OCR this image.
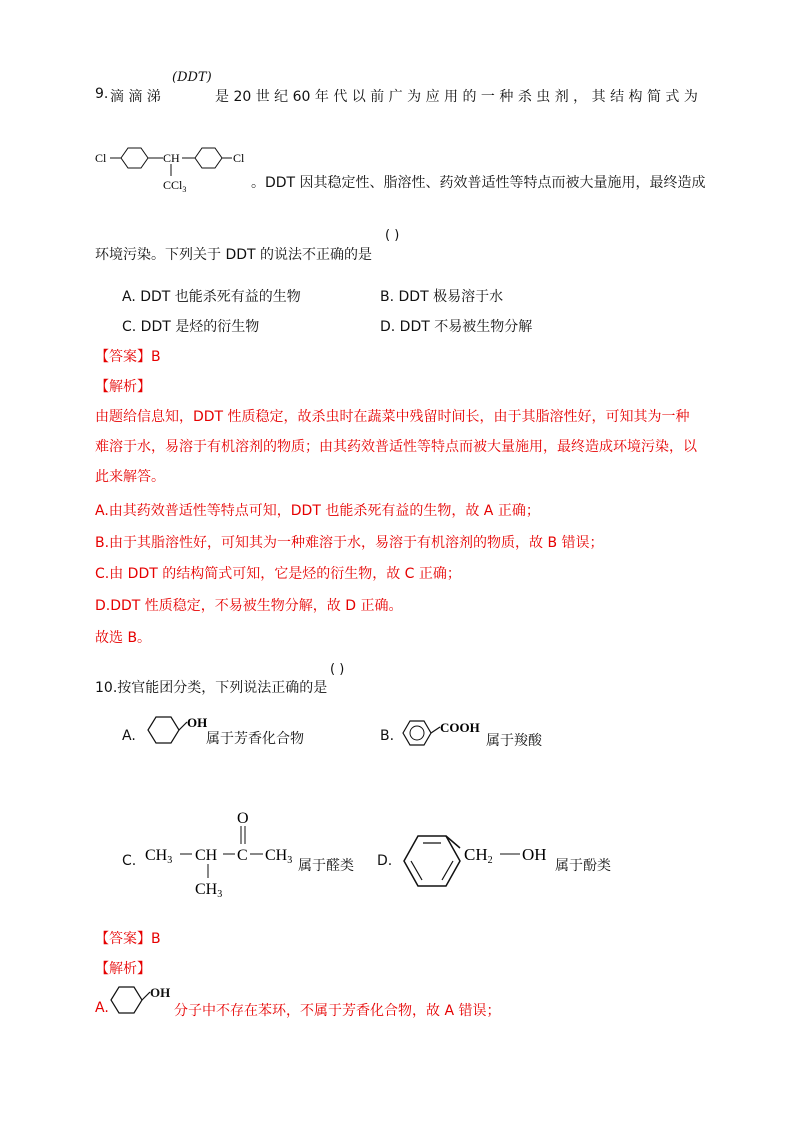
9. 滴 滴 涕
(DDT)
是 20 世 纪 60 年 代 以 前 广 为 应 用 的 一 种 杀 虫 剂 ， 其 结 构 简 式 为
Cl	CH	Cl
CCl$_3$	。DDT 因其稳定性、脂溶性、药效普适性等特点而被大量施用，最终造成
环境污染。下列关于 DDT 的说法不正确的是
( )
A. DDT 也能杀死有益的生物	B. DDT 极易溶于水
C. DDT 是烃的衍生物	D. DDT 不易被生物分解
【答案】B
【解析】
由题给信息知，DDT 性质稳定，故杀虫时在蔬菜中残留时间长，由于其脂溶性好，可知其为一种
难溶于水，易溶于有机溶剂的物质；由其药效普适性等特点而被大量施用，最终造成环境污染，以
此来解答。
A.由其药效普适性等特点可知，DDT 也能杀死有益的生物，故 A 正确；
B.由于其脂溶性好，可知其为一种难溶于水，易溶于有机溶剂的物质，故 B 错误；
C.由 DDT 的结构简式可知，它是烃的衍生物，故 C 正确；
D.DDT 性质稳定，不易被生物分解，故 D 正确。
故选 B。
10.按官能团分类，下列说法正确的是
( )
A.
OH
属于芳香化合物	B.
COOH
属于羧酸
C. CH3 CH C
O
CH3
CH3
属于醛类 D.	CH2 OH
属于酚类
【答案】B
【解析】
A.
OH
分子中不存在苯环，不属于芳香化合物，故 A 错误；
